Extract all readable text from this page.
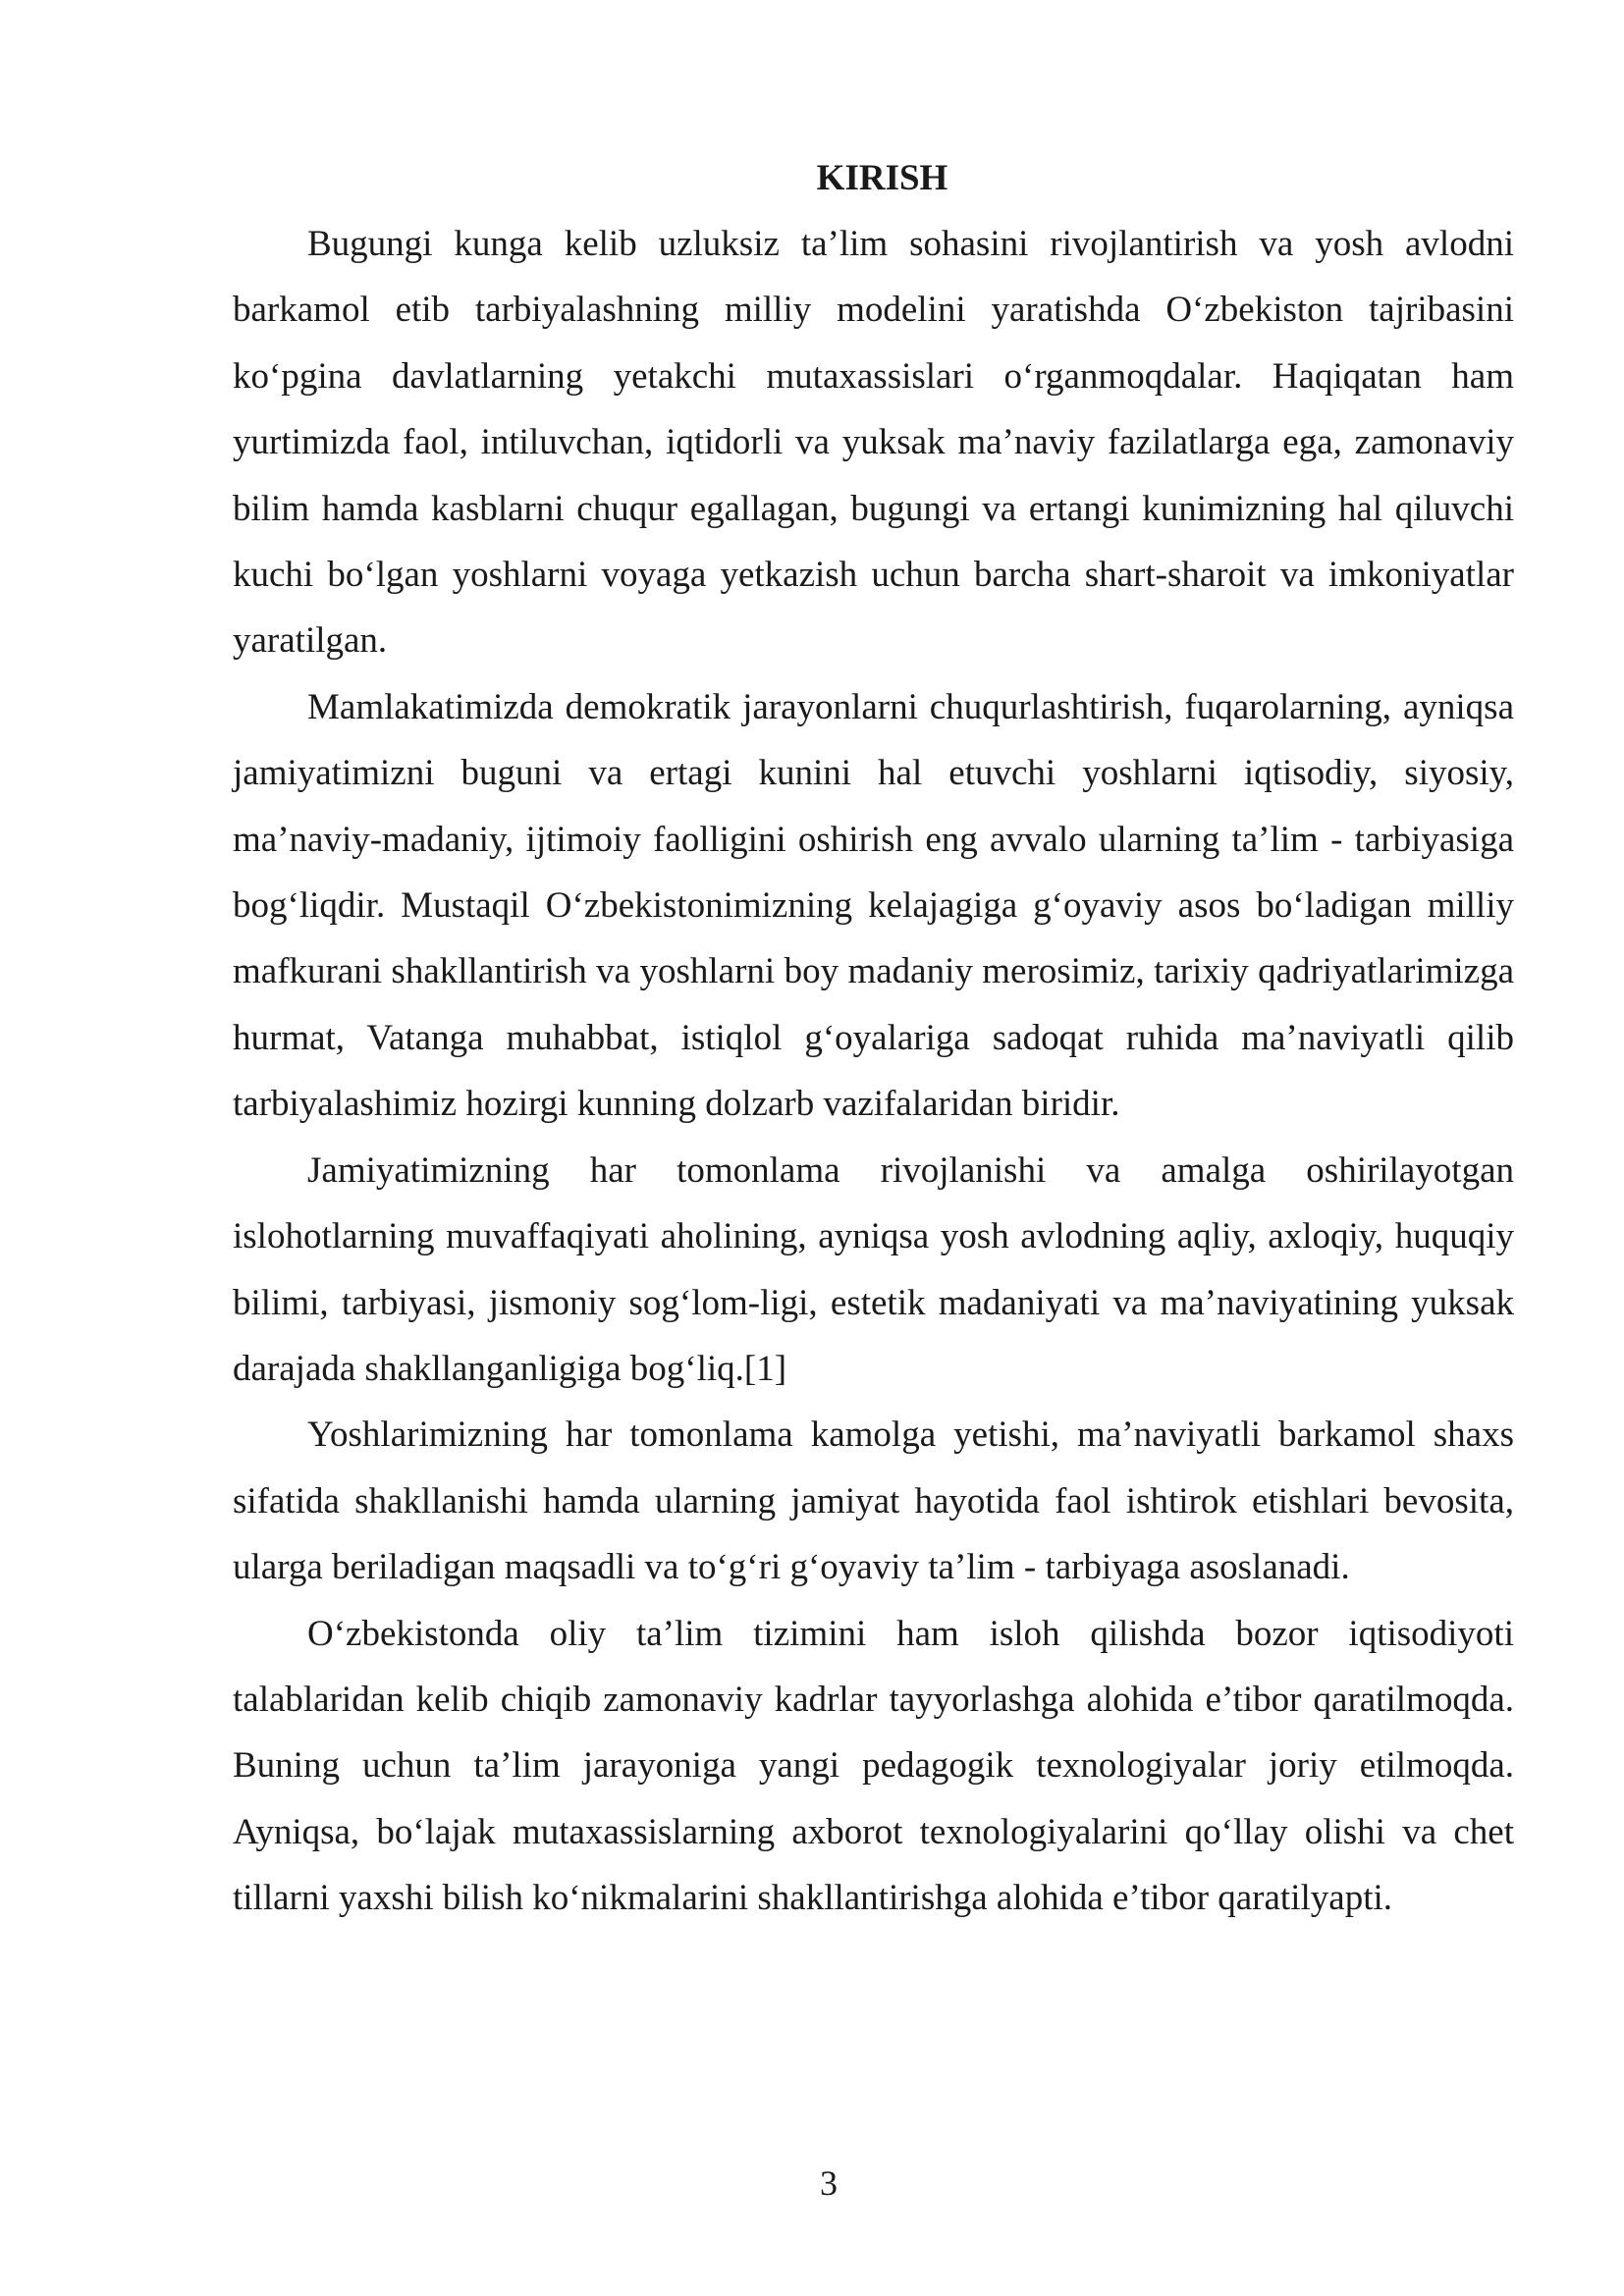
KIRISH

Bugungi kunga kelib uzluksiz ta’lim sohasini rivojlantirish va yosh avlodni barkamol etib tarbiyalashning milliy modelini yaratishda O‘zbekiston tajribasini ko‘pgina davlatlarning yetakchi mutaxassislari o‘rganmoqdalar. Haqiqatan ham yurtimizda faol, intiluvchan, iqtidorli va yuksak ma’naviy fazilatlarga ega, zamonaviy bilim hamda kasblarni chuqur egallagan, bugungi va ertangi kunimizning hal qiluvchi kuchi bo‘lgan yoshlarni voyaga yetkazish uchun barcha shart-sharoit va imkoniyatlar yaratilgan.

Mamlakatimizda demokratik jarayonlarni chuqurlashtirish, fuqarolarning, ayniqsa jamiyatimizni buguni va ertagi kunini hal etuvchi yoshlarni iqtisodiy, siyosiy, ma’naviy-madaniy, ijtimoiy faolligini oshirish eng avvalo ularning ta’lim - tarbiyasiga bog‘liqdir. Mustaqil O‘zbekistonimizning kelajagiga g‘oyaviy asos bo‘ladigan milliy mafkurani shakllantirish va yoshlarni boy madaniy merosimiz, tarixiy qadriyatlarimizga hurmat, Vatanga muhabbat, istiqlol g‘oyalariga sadoqat ruhida ma’naviyatli qilib tarbiyalashimiz hozirgi kunning dolzarb vazifalaridan biridir.

Jamiyatimizning har tomonlama rivojlanishi va amalga oshirilayotgan islohotlarning muvaffaqiyati aholining, ayniqsa yosh avlodning aqliy, axloqiy, huquqiy bilimi, tarbiyasi, jismoniy sog‘lom-ligi, estetik madaniyati va ma’naviyatining yuksak darajada shakllanganligiga bog‘liq.[1]

Yoshlarimizning har tomonlama kamolga yetishi, ma’naviyatli barkamol shaxs sifatida shakllanishi hamda ularning jamiyat hayotida faol ishtirok etishlari bevosita, ularga beriladigan maqsadli va to‘g‘ri g‘oyaviy ta’lim - tarbiyaga asoslanadi.

O‘zbekistonda oliy ta’lim tizimini ham isloh qilishda bozor iqtisodiyoti talablaridan kelib chiqib zamonaviy kadrlar tayyorlashga alohida e’tibor qaratilmoqda. Buning uchun ta’lim jarayoniga yangi pedagogik texnologiyalar joriy etilmoqda. Ayniqsa, bo‘lajak mutaxassislarning axborot texnologiyalarini qo‘llay olishi va chet tillarni yaxshi bilish ko‘nikmalarini shakllantirishga alohida e’tibor qaratilyapti.

3
